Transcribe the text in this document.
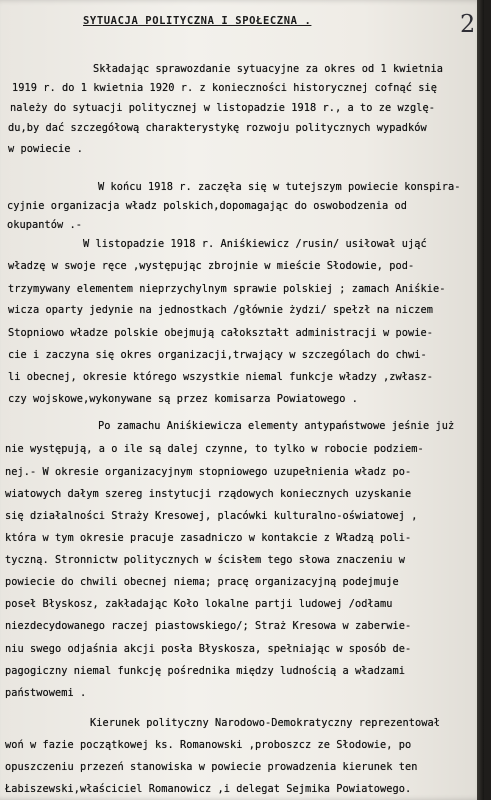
SYTUACJA POLITYCZNA I SPOŁECZNA .	2
Składając sprawozdanie sytuacyjne za okres od 1 kwietnia
1919 r. do 1 kwietnia 1920 r. z konieczności historycznej cofnąć się
należy do sytuacji politycznej w listopadzie 1918 r., a to ze wzglę-
du,by dać szczegółową charakterystykę rozwoju politycznych wypadków
w powiecie .
W końcu 1918 r. zaczęła się w tutejszym powiecie konspira-
cyjnie organizacja władz polskich,dopomagając do oswobodzenia od
okupantów .-
W listopadzie 1918 r. Aniśkiewicz /rusin/ usiłował ująć
władzę w swoje ręce ,występując zbrojnie w mieście Słodowie, pod-
trzymywany elementem nieprzychylnym sprawie polskiej ; zamach Aniśkie-
wicza oparty jedynie na jednostkach /głównie żydzi/ spełzł na niczem
Stopniowo władze polskie obejmują całokształt administracji w powie-
cie i zaczyna się okres organizacji,trwający w szczególach do chwi-
li obecnej, okresie którego wszystkie niemal funkcje władzy ,zwłasz-
czy wojskowe,wykonywane są przez komisarza Powiatowego .
Po zamachu Aniśkiewicza elementy antypaństwowe jeśnie już
nie występują, a o ile są dalej czynne, to tylko w robocie podziem-
nej.- W okresie organizacyjnym stopniowego uzupełnienia władz po-
wiatowych dałym szereg instytucji rządowych koniecznych uzyskanie
się działalności Straży Kresowej, placówki kulturalno-oświatowej ,
która w tym okresie pracuje zasadniczo w kontakcie z Władzą poli-
tyczną. Stronnictw politycznych w ścisłem tego słowa znaczeniu w
powiecie do chwili obecnej niema; pracę organizacyjną podejmuje
poseł Błyskosz, zakładając Koło lokalne partji ludowej /odłamu
niezdecydowanego raczej piastowskiego/; Straż Kresowa w zaberwie-
niu swego odjaśnia akcji posła Błyskosza, spełniając w sposób de-
pagogiczny niemal funkcję pośrednika między ludnością a władzami
państwowemi .
Kierunek polityczny Narodowo-Demokratyczny reprezentował
woń w fazie początkowej ks. Romanowski ,proboszcz ze Słodowie, po
opuszczeniu przezeń stanowiska w powiecie prowadzenia kierunek ten
Łabiszewski,właściciel Romanowicz ,i delegat Sejmika Powiatowego.
